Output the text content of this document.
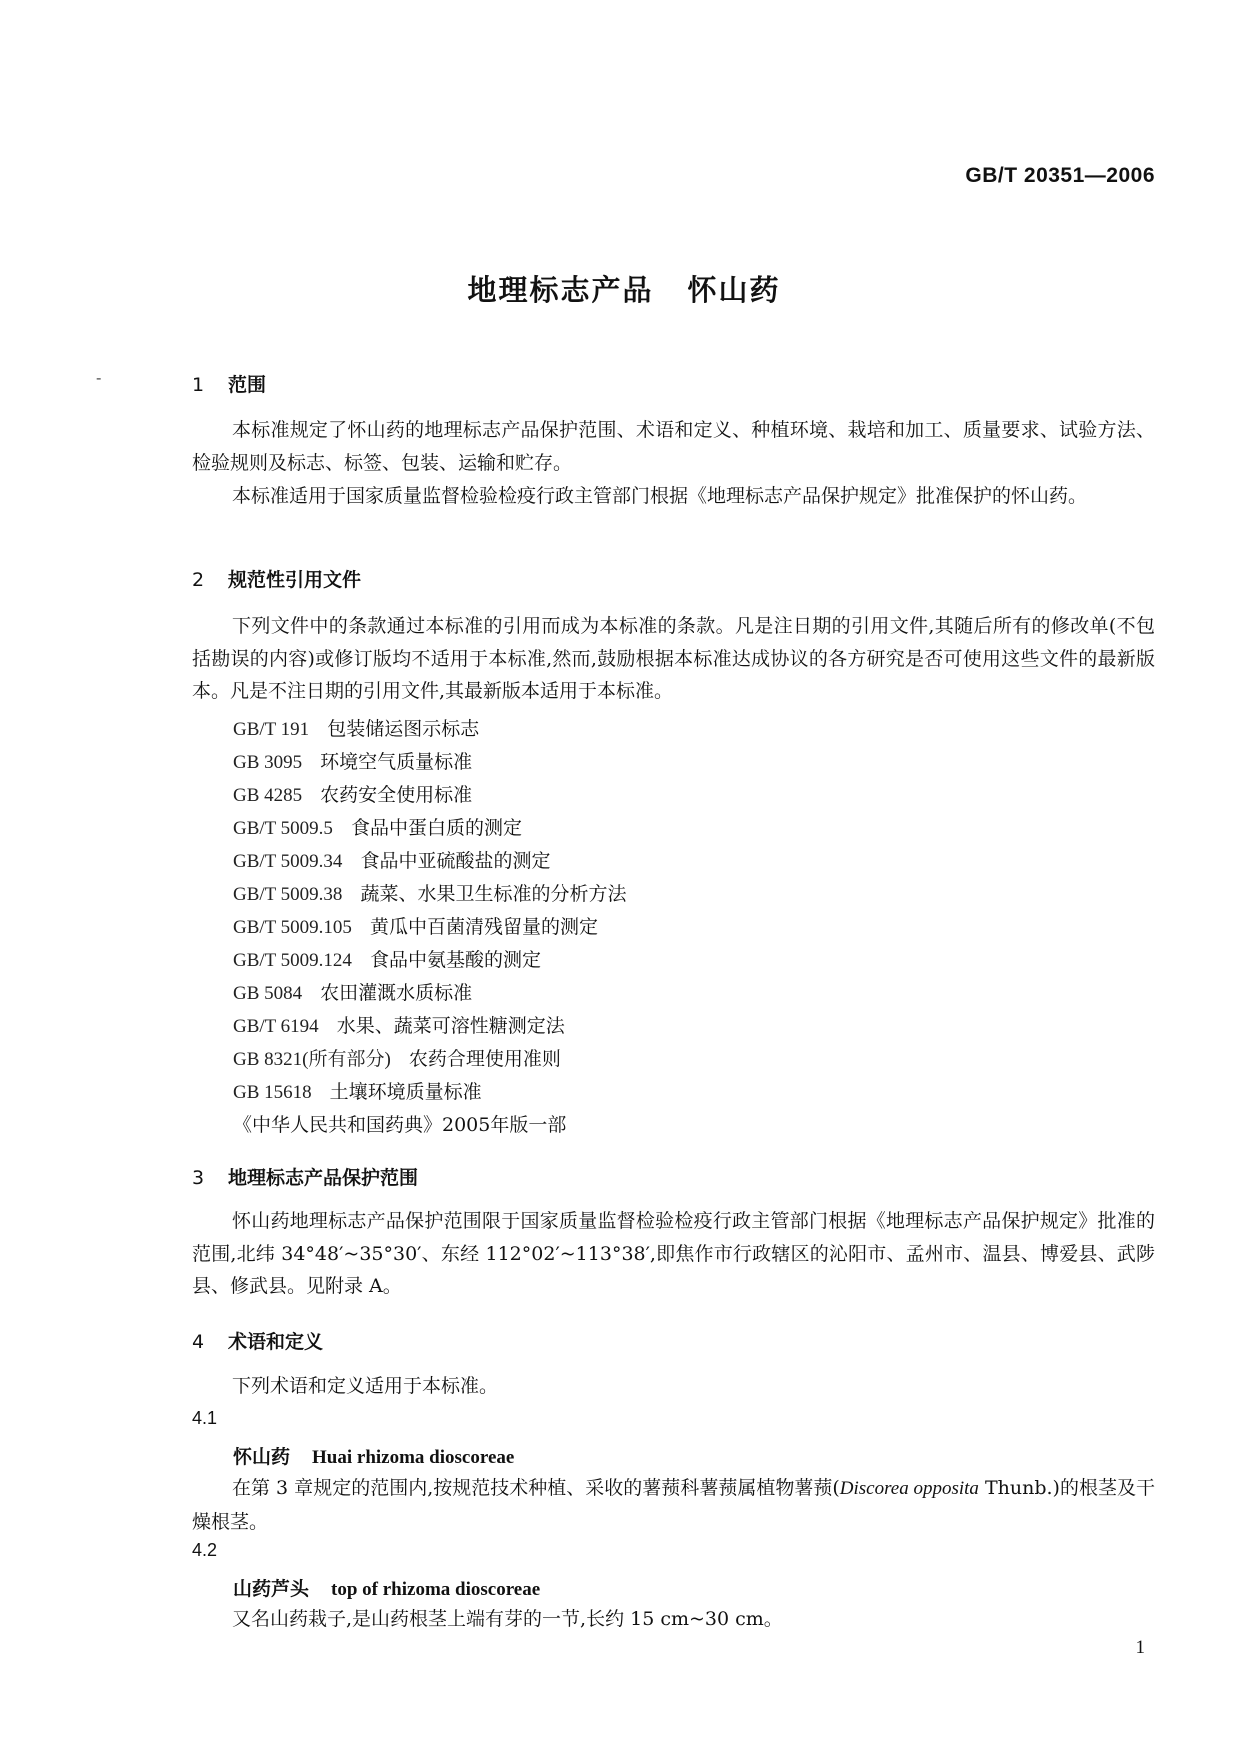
GB/T 20351—2006
地理标志产品 怀山药
-	1 范围
本标准规定了怀山药的地理标志产品保护范围、术语和定义、种植环境、栽培和加工、质量要求、试验方法、检验规则及标志、标签、包装、运输和贮存。
本标准适用于国家质量监督检验检疫行政主管部门根据《地理标志产品保护规定》批准保护的怀山药。
2 规范性引用文件
下列文件中的条款通过本标准的引用而成为本标准的条款。凡是注日期的引用文件,其随后所有的修改单(不包括勘误的内容)或修订版均不适用于本标准,然而,鼓励根据本标准达成协议的各方研究是否可使用这些文件的最新版本。凡是不注日期的引用文件,其最新版本适用于本标准。
GB/T 191 包装储运图示标志
GB 3095 环境空气质量标准
GB 4285 农药安全使用标准
GB/T 5009.5 食品中蛋白质的测定
GB/T 5009.34 食品中亚硫酸盐的测定
GB/T 5009.38 蔬菜、水果卫生标准的分析方法
GB/T 5009.105 黄瓜中百菌清残留量的测定
GB/T 5009.124 食品中氨基酸的测定
GB 5084 农田灌溉水质标准
GB/T 6194 水果、蔬菜可溶性糖测定法
GB 8321(所有部分) 农药合理使用准则
GB 15618 土壤环境质量标准
《中华人民共和国药典》2005年版一部
3 地理标志产品保护范围
怀山药地理标志产品保护范围限于国家质量监督检验检疫行政主管部门根据《地理标志产品保护规定》批准的范围,北纬 34°48′~35°30′、东经 112°02′~113°38′,即焦作市行政辖区的沁阳市、孟州市、温县、博爱县、武陟县、修武县。见附录 A。
4 术语和定义
下列术语和定义适用于本标准。
4.1
怀山药 Huai rhizoma dioscoreae
在第 3 章规定的范围内,按规范技术种植、采收的薯蓣科薯蓣属植物薯蓣(Discorea opposita Thunb.)的根茎及干燥根茎。
4.2
山药芦头 top of rhizoma dioscoreae
又名山药栽子,是山药根茎上端有芽的一节,长约 15 cm~30 cm。
1
